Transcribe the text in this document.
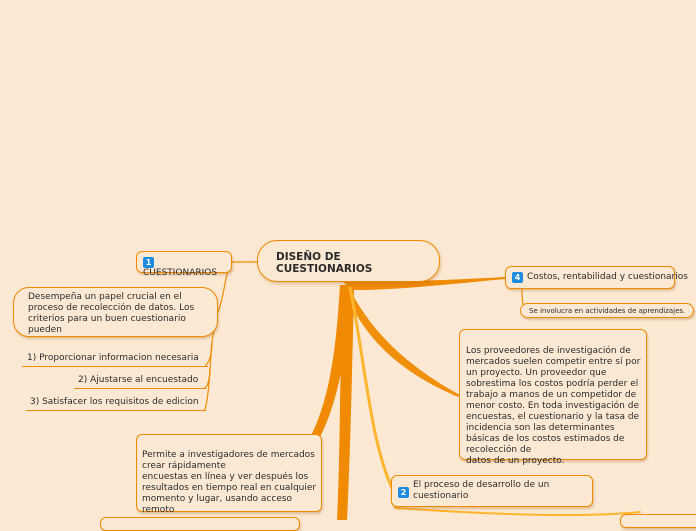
DISEÑO DE
CUESTIONARIOS
1CUESTIONARIOS
Desempeña un papel crucial en el proceso de recolección de datos. Los criterios para un buen cuestionario pueden
1) Proporcionar informacion necesaria
2) Ajustarse al encuestado
3) Satisfacer los requisitos de edicion

Permite a investigadores de mercados crear rápidamente
encuestas en línea y ver después los resultados en tiempo real en cualquier momento y lugar, usando acceso remoto

4 Costos, rentabilidad y cuestionarios
Se involucra en actividades de aprendizajes.

Los proveedores de investigación de mercados suelen competir entre sí por un proyecto. Un proveedor que sobrestima los costos podría perder el trabajo a manos de un competidor de menor costo. En toda investigación de encuestas, el cuestionario y la tasa de incidencia son las determinantes básicas de los costos estimados de recolección de
datos de un proyecto.

2
El proceso de desarrollo de un cuestionario
